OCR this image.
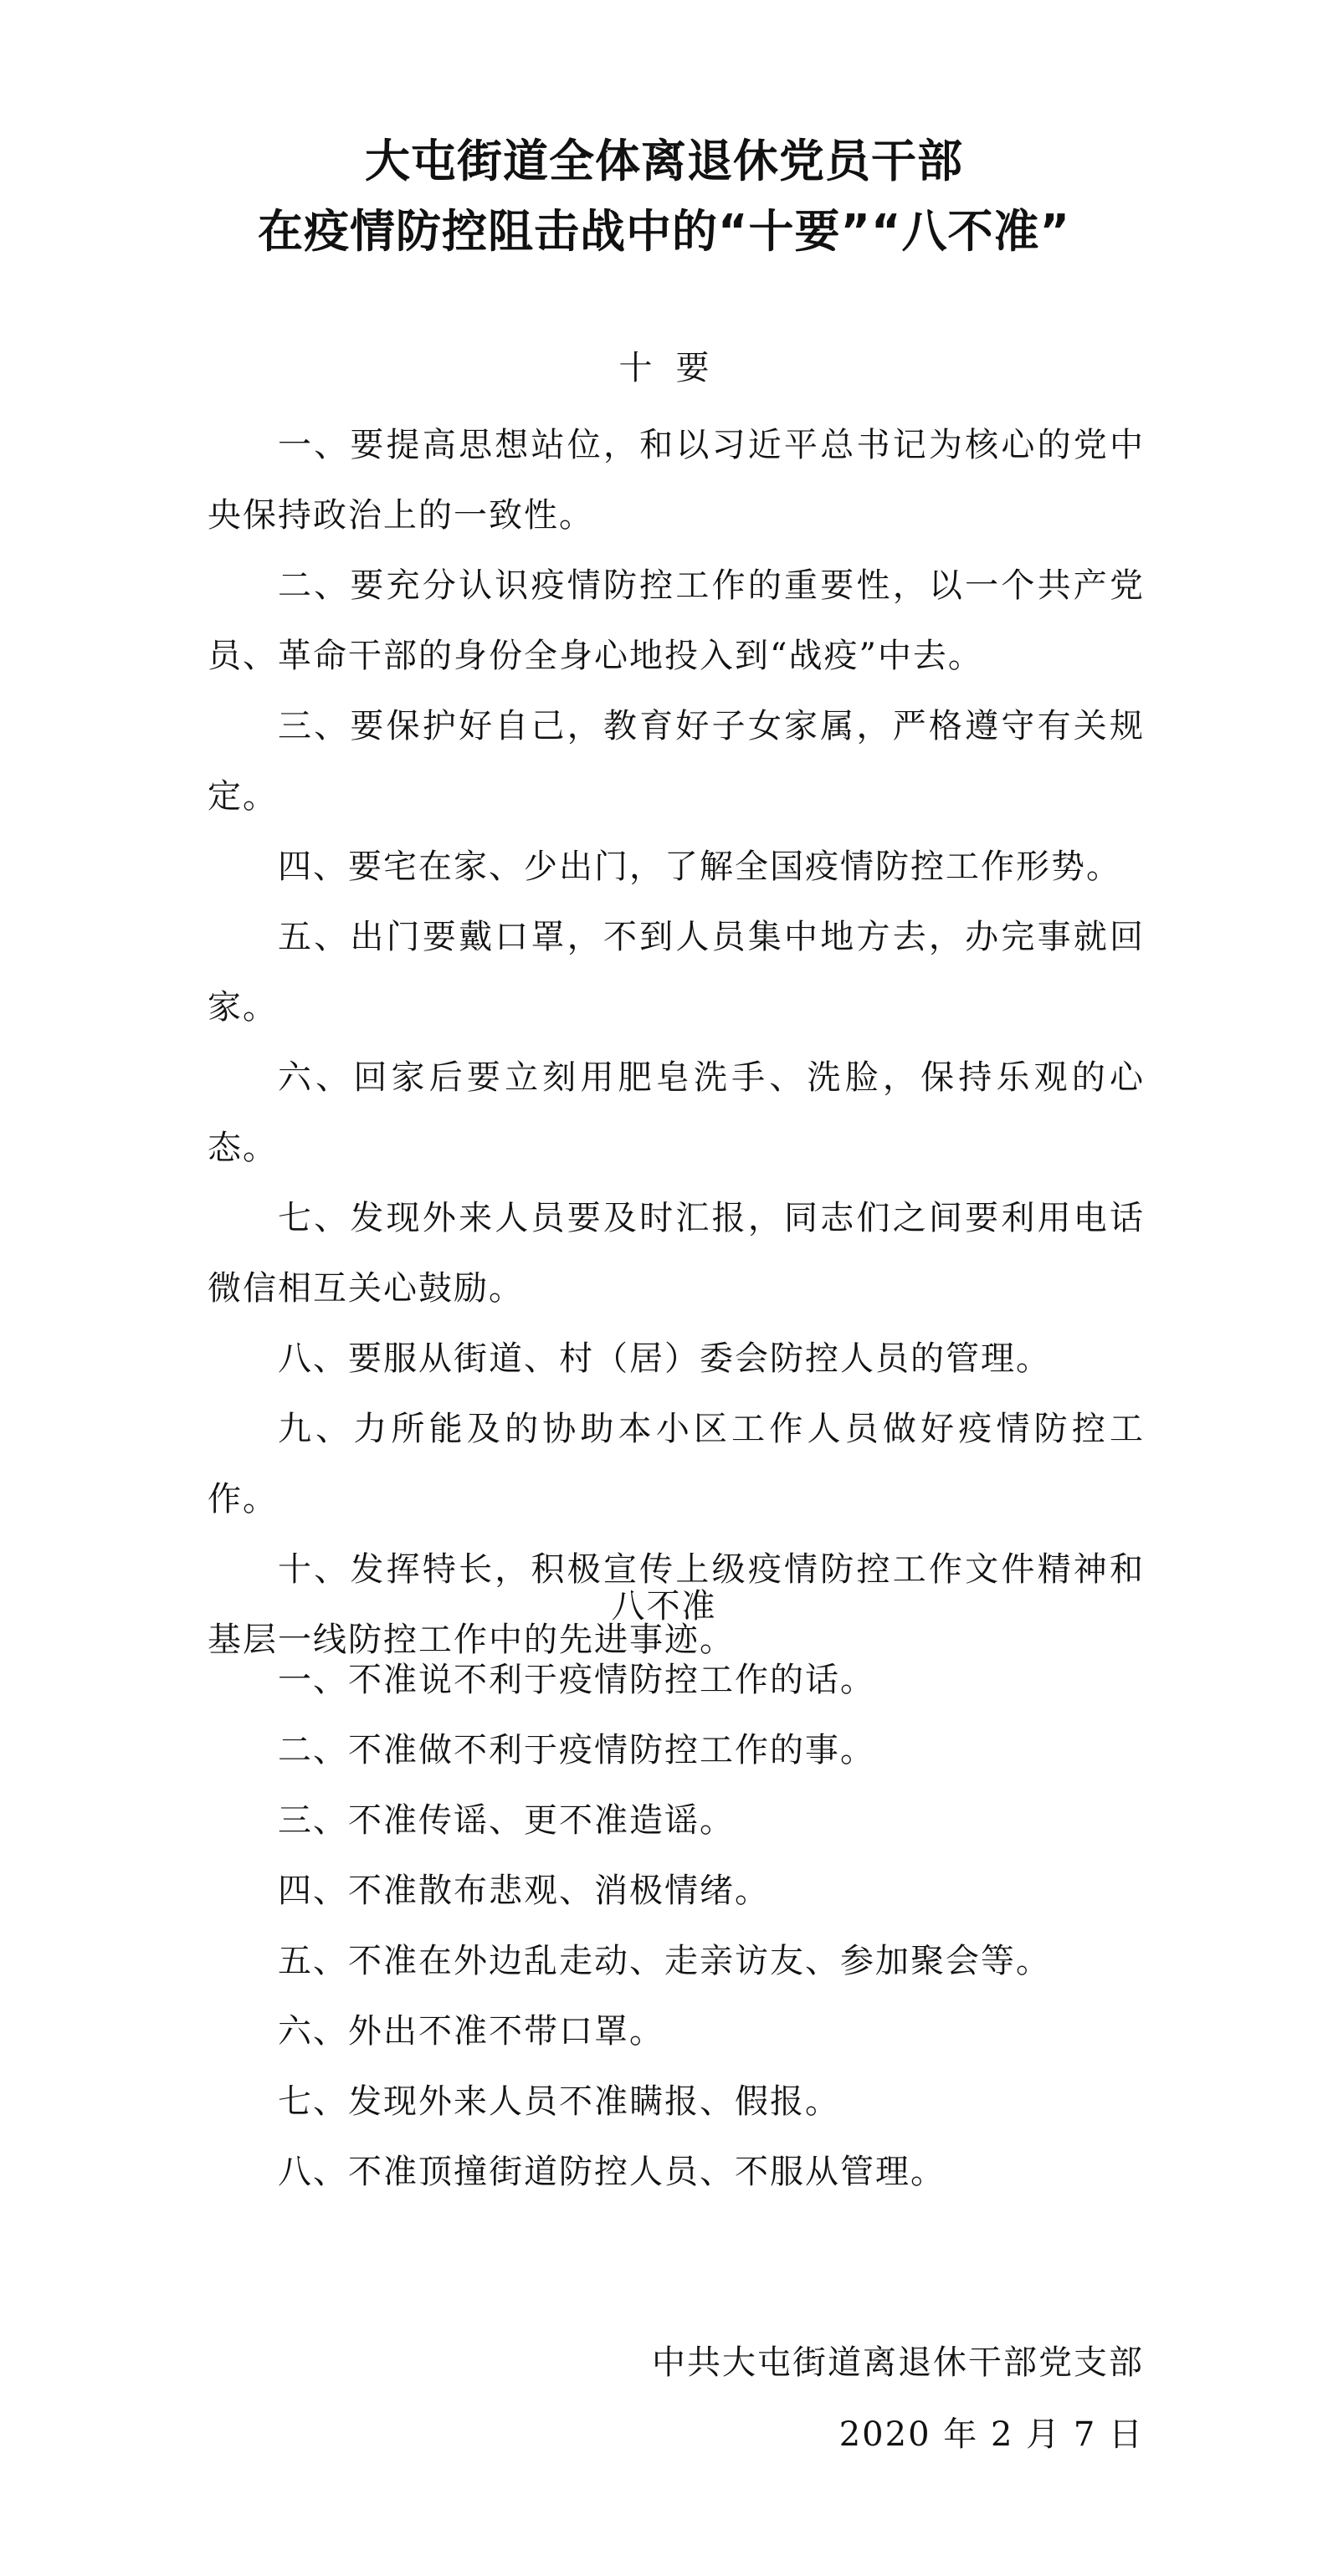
大屯街道全体离退休党员干部
在疫情防控阻击战中的“十要”“八不准”
十要

一、要提高思想站位，和以习近平总书记为核心的党中央保持政治上的一致性。

二、要充分认识疫情防控工作的重要性，以一个共产党员、革命干部的身份全身心地投入到“战疫”中去。

三、要保护好自己，教育好子女家属，严格遵守有关规定。

四、要宅在家、少出门，了解全国疫情防控工作形势。

五、出门要戴口罩，不到人员集中地方去，办完事就回家。

六、回家后要立刻用肥皂洗手、洗脸，保持乐观的心态。

七、发现外来人员要及时汇报，同志们之间要利用电话微信相互关心鼓励。

八、要服从街道、村（居）委会防控人员的管理。

九、力所能及的协助本小区工作人员做好疫情防控工作。

十、发挥特长，积极宣传上级疫情防控工作文件精神和基层一线防控工作中的先进事迹。

八不准

一、不准说不利于疫情防控工作的话。

二、不准做不利于疫情防控工作的事。

三、不准传谣、更不准造谣。

四、不准散布悲观、消极情绪。

五、不准在外边乱走动、走亲访友、参加聚会等。

六、外出不准不带口罩。

七、发现外来人员不准瞒报、假报。

八、不准顶撞街道防控人员、不服从管理。

中共大屯街道离退休干部党支部
2020 年 2 月 7 日
